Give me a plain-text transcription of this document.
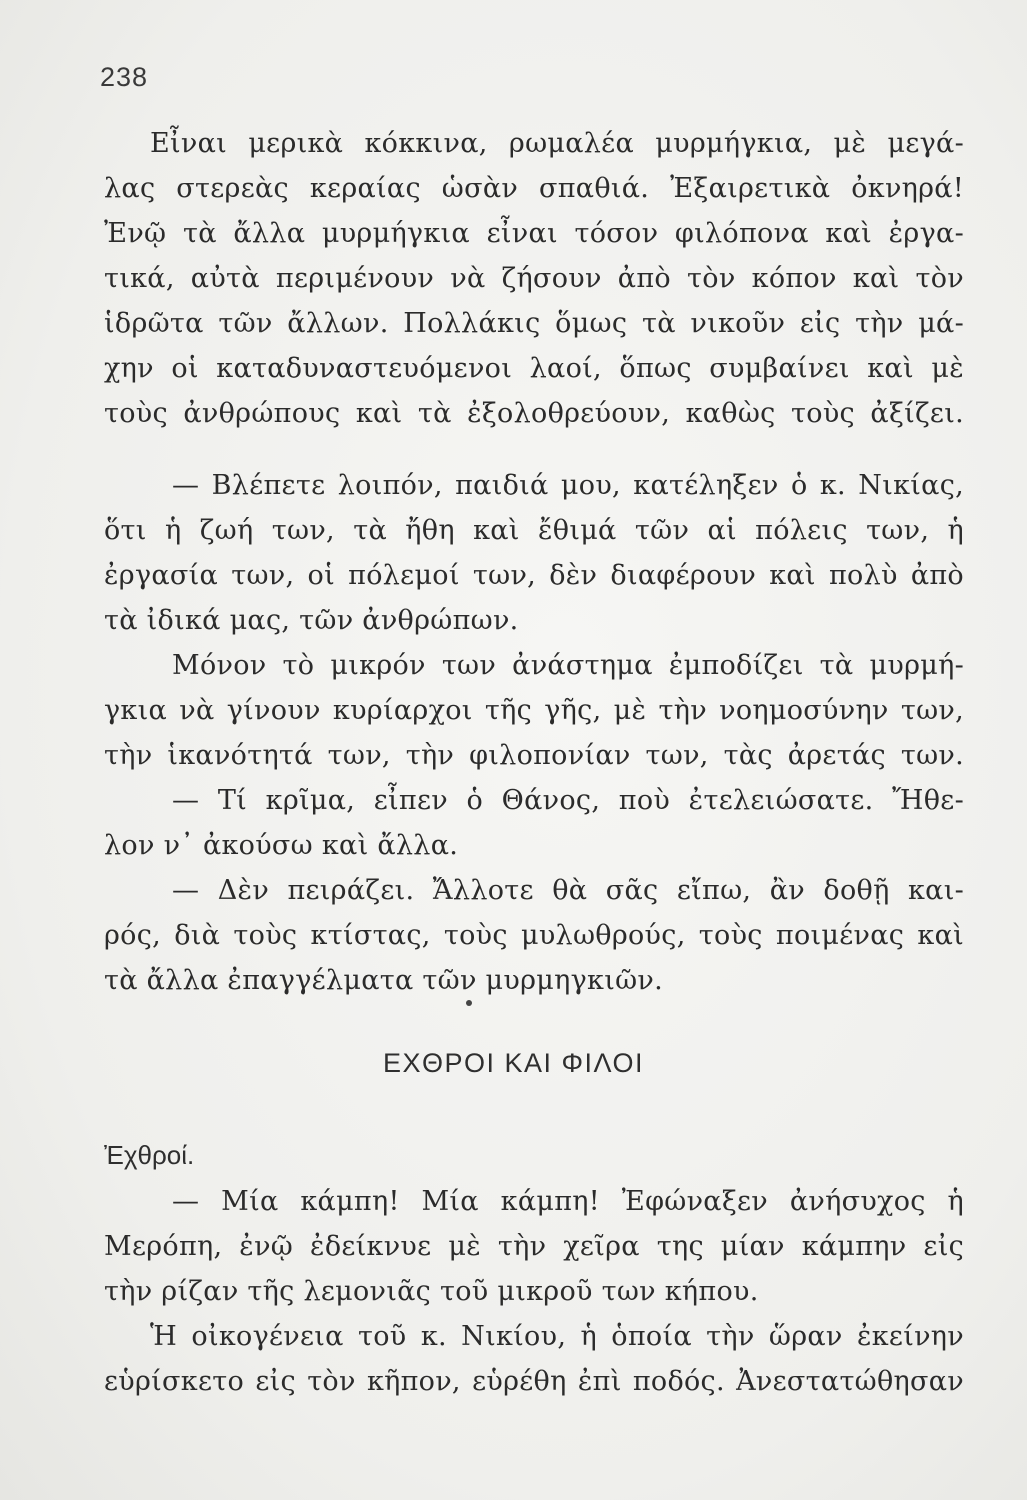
238
Εἶναι μερικὰ κόκκινα, ρωμαλέα μυρμήγκια, μὲ μεγά-
λας στερεὰς κεραίας ὡσὰν σπαθιά. Ἐξαιρετικὰ ὀκνηρά!
Ἐνῷ τὰ ἄλλα μυρμήγκια εἶναι τόσον φιλόπονα καὶ ἐργα-
τικά, αὐτὰ περιμένουν νὰ ζήσουν ἀπὸ τὸν κόπον καὶ τὸν
ἱδρῶτα τῶν ἄλλων. Πολλάκις ὅμως τὰ νικοῦν εἰς τὴν μά-
χην οἱ καταδυναστευόμενοι λαοί, ὅπως συμβαίνει καὶ μὲ
τοὺς ἀνθρώπους καὶ τὰ ἐξολοθρεύουν, καθὼς τοὺς ἀξίζει.
— Βλέπετε λοιπόν, παιδιά μου, κατέληξεν ὁ κ. Νικίας,
ὅτι ἡ ζωή των, τὰ ἤθη καὶ ἔθιμά τῶν αἱ πόλεις των, ἡ
ἐργασία των, οἱ πόλεμοί των, δὲν διαφέρουν καὶ πολὺ ἀπὸ
τὰ ἰδικά μας, τῶν ἀνθρώπων.
Μόνον τὸ μικρόν των ἀνάστημα ἐμποδίζει τὰ μυρμή-
γκια νὰ γίνουν κυρίαρχοι τῆς γῆς, μὲ τὴν νοημοσύνην των,
τὴν ἱκανότητά των, τὴν φιλοπονίαν των, τὰς ἀρετάς των.
— Τί κρῖμα, εἶπεν ὁ Θάνος, ποὺ ἐτελειώσατε. Ἤθε-
λον ν᾽ ἀκούσω καὶ ἄλλα.
— Δὲν πειράζει. Ἄλλοτε θὰ σᾶς εἴπω, ἂν δοθῇ και-
ρός, διὰ τοὺς κτίστας, τοὺς μυλωθρούς, τοὺς ποιμένας καὶ
τὰ ἄλλα ἐπαγγέλματα τῶν μυρμηγκιῶν.
ΕΧΘΡΟΙ ΚΑΙ ΦΙΛΟΙ
Ἐχθροί.
— Μία κάμπη! Μία κάμπη! Ἐφώναξεν ἀνήσυχος ἡ
Μερόπη, ἐνῷ ἐδείκνυε μὲ τὴν χεῖρα της μίαν κάμπην εἰς
τὴν ρίζαν τῆς λεμονιᾶς τοῦ μικροῦ των κήπου.
Ἡ οἰκογένεια τοῦ κ. Νικίου, ἡ ὁποία τὴν ὥραν ἐκείνην
εὑρίσκετο εἰς τὸν κῆπον, εὑρέθη ἐπὶ ποδός. Ἀνεστατώθησαν
